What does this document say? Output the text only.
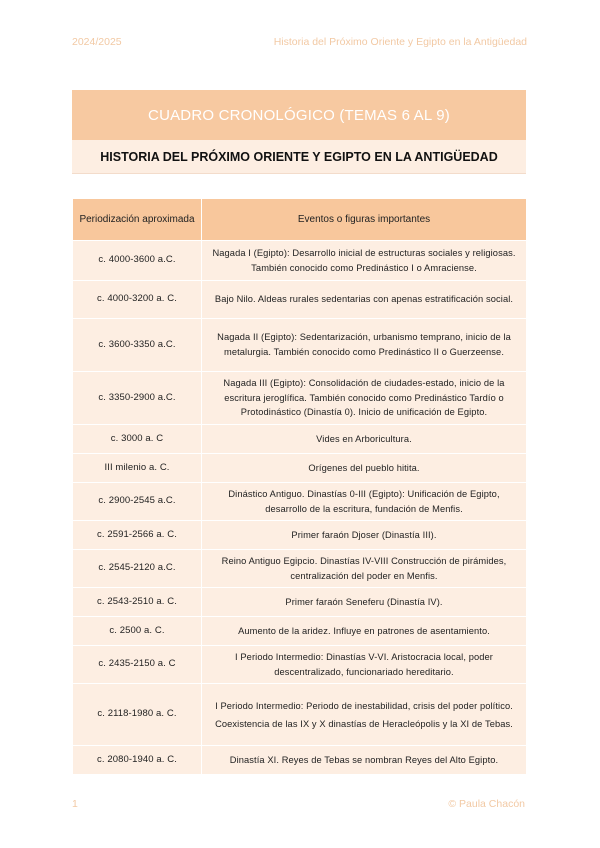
2024/2025	Historia del Próximo Oriente y Egipto en la Antigüedad
CUADRO CRONOLÓGICO (TEMAS 6 AL 9)
HISTORIA DEL PRÓXIMO ORIENTE Y EGIPTO EN LA ANTIGÜEDAD
Periodización aproximada	Eventos o figuras importantes
c. 4000-3600 a.C.	Nagada I (Egipto): Desarrollo inicial de estructuras sociales y religiosas. También conocido como Predinástico I o Amraciense.
c. 4000-3200 a. C.	Bajo Nilo. Aldeas rurales sedentarias con apenas estratificación social.
c. 3600-3350 a.C.	Nagada II (Egipto): Sedentarización, urbanismo temprano, inicio de la metalurgia. También conocido como Predinástico II o Guerzeense.
c. 3350-2900 a.C.	Nagada III (Egipto): Consolidación de ciudades-estado, inicio de la escritura jeroglífica. También conocido como Predinástico Tardío o Protodinástico (Dinastía 0). Inicio de unificación de Egipto.
c. 3000 a. C	Vides en Arboricultura.
III milenio a. C.	Orígenes del pueblo hitita.
c. 2900-2545 a.C.	Dinástico Antiguo. Dinastías 0-III (Egipto): Unificación de Egipto, desarrollo de la escritura, fundación de Menfis.
c. 2591-2566 a. C.	Primer faraón Djoser (Dinastía III).
c. 2545-2120 a.C.	Reino Antiguo Egipcio. Dinastías IV-VIII Construcción de pirámides, centralización del poder en Menfis.
c. 2543-2510 a. C.	Primer faraón Seneferu (Dinastía IV).
c. 2500 a. C.	Aumento de la aridez. Influye en patrones de asentamiento.
c. 2435-2150 a. C	I Periodo Intermedio: Dinastías V-VI. Aristocracia local, poder descentralizado, funcionariado hereditario.
c. 2118-1980 a. C.	I Periodo Intermedio: Periodo de inestabilidad, crisis del poder político. Coexistencia de las IX y X dinastías de Heracleópolis y la XI de Tebas.
c. 2080-1940 a. C.	Dinastía XI. Reyes de Tebas se nombran Reyes del Alto Egipto.
1	© Paula Chacón
